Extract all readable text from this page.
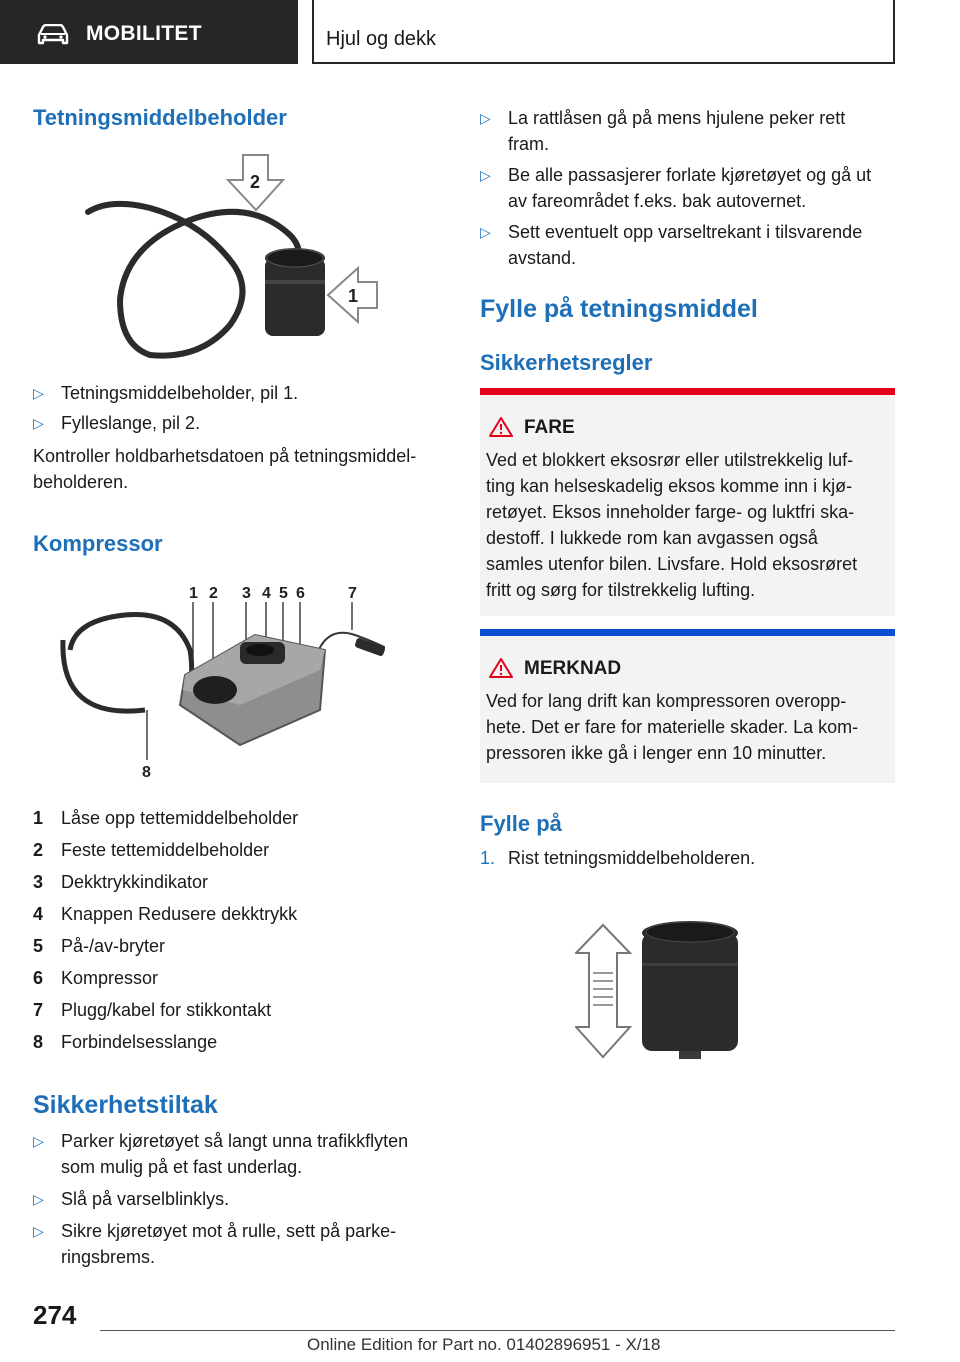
MOBILITET	Hjul og dekk
Tetningsmiddelbeholder
2
1
▷ Tetningsmiddelbeholder, pil 1.
▷ Fylleslange, pil 2.
Kontroller holdbarhetsdatoen på tetningsmiddel-
beholderen.
Kompressor
1 2 3 4 5 6	7
8
1 Låse opp tettemiddelbeholder
2 Feste tettemiddelbeholder
3 Dekktrykkindikator
4 Knappen Redusere dekktrykk
5 På-/av-bryter
6 Kompressor
7 Plugg/kabel for stikkontakt
8 Forbindelsesslange
Sikkerhetstiltak
▷ Parker kjøretøyet så langt unna trafikkflyten
som mulig på et fast underlag.
▷ Slå på varselblinklys.
▷ Sikre kjøretøyet mot å rulle, sett på parke-
ringsbrems.
▷ La rattlåsen gå på mens hjulene peker rett
fram.
▷ Be alle passasjerer forlate kjøretøyet og gå ut
av fareområdet f.eks. bak autovernet.
▷ Sett eventuelt opp varseltrekant i tilsvarende
avstand.
Fylle på tetningsmiddel
Sikkerhetsregler
FARE
Ved et blokkert eksosrør eller utilstrekkelig luf-
ting kan helseskadelig eksos komme inn i kjø-
retøyet. Eksos inneholder farge- og luktfri ska-
destoff. I lukkede rom kan avgassen også
samles utenfor bilen. Livsfare. Hold eksosrøret
fritt og sørg for tilstrekkelig lufting.
MERKNAD
Ved for lang drift kan kompressoren overopp-
hete. Det er fare for materielle skader. La kom-
pressoren ikke gå i lenger enn 10 minutter.
Fylle på
1. Rist tetningsmiddelbeholderen.
274
Online Edition for Part no. 01402896951 - X/18
